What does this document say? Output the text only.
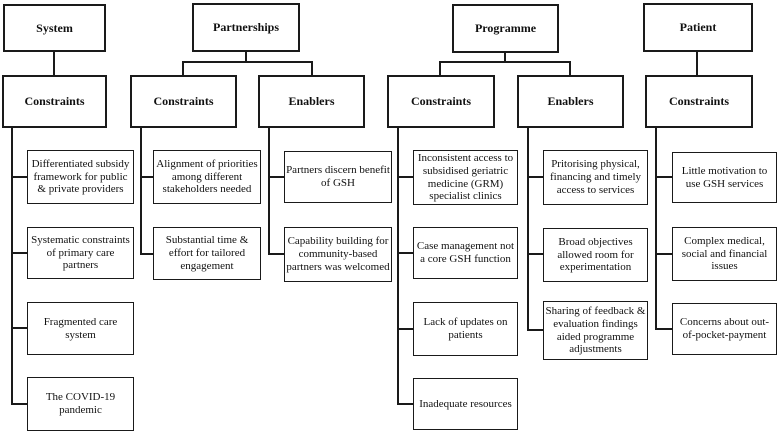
System	Partnerships	Programme	Patient
Constraints	Constraints	Enablers	Constraints	Enablers	Constraints
Differentiated subsidy framework for public & private providers
Systematic constraints of primary care partners
Fragmented care system
The COVID-19 pandemic
Alignment of priorities among different stakeholders needed
Substantial time & effort for tailored engagement
Partners discern benefit of GSH
Capability building for community-based partners was welcomed
Inconsistent access to subsidised geriatric medicine (GRM) specialist clinics
Case management not a core GSH function
Lack of updates on patients
Inadequate resources
Pritorising physical, financing and timely access to services
Broad objectives allowed room for experimentation
Sharing of feedback & evaluation findings aided programme adjustments
Little motivation to use GSH services
Complex medical, social and financial issues
Concerns about out-of-pocket-payment
